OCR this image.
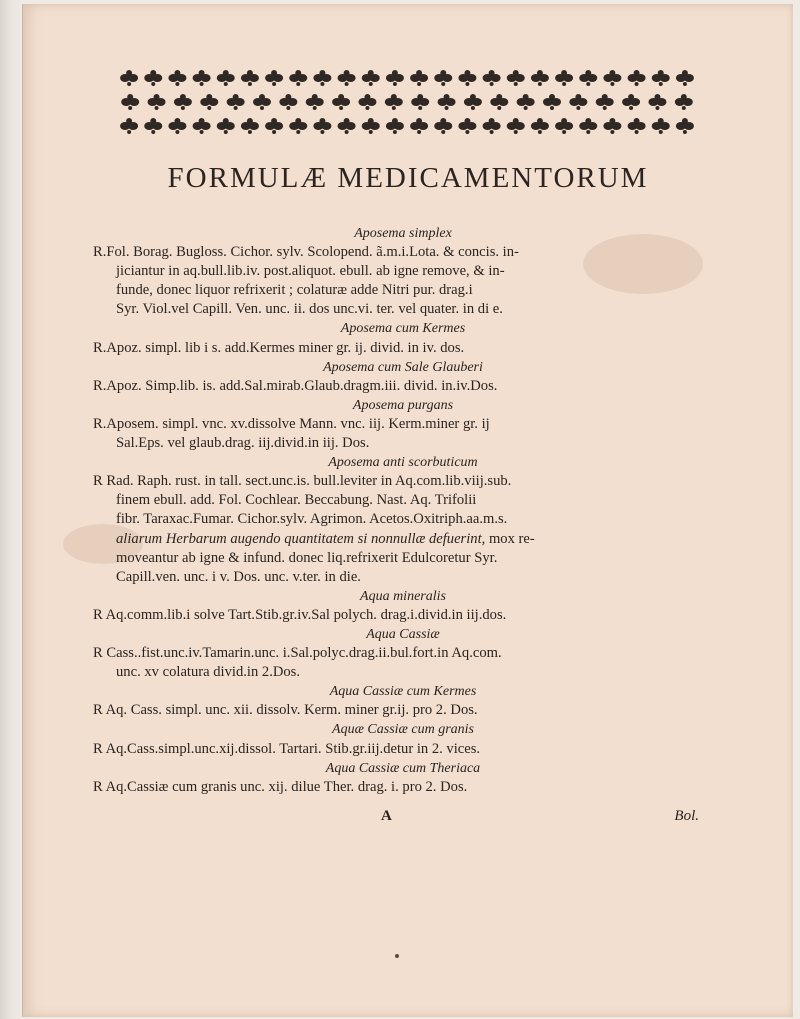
FORMULÆ MEDICAMENTORUM
Aposema simplex
R.Fol. Borag. Bugloss. Cichor. sylv. Scolopend. ã.m.i.Lota. & concis. in-
jiciantur in aq.bull.lib.iv. post.aliquot. ebull. ab igne remove, & in-
funde, donec liquor refrixerit ; colaturæ adde Nitri pur. drag.i
Syr. Viol.vel Capill. Ven. unc. ii. dos unc.vi. ter. vel quater. in di e.
Aposema cum Kermes
R.Apoz. simpl. lib i s. add.Kermes miner gr. ij. divid. in iv. dos.
Aposema cum Sale Glauberi
R.Apoz. Simp.lib. is. add.Sal.mirab.Glaub.dragm.iii. divid. in.iv.Dos.
Aposema purgans
R.Aposem. simpl. vnc. xv.dissolve Mann. vnc. iij. Kerm.miner gr. ij
Sal.Eps. vel glaub.drag. iij.divid.in iij. Dos.
Aposema anti scorbuticum
R Rad. Raph. rust. in tall. sect.unc.is. bull.leviter in Aq.com.lib.viij.sub.
finem ebull. add. Fol. Cochlear. Beccabung. Nast. Aq. Trifolii
fibr. Taraxac.Fumar. Cichor.sylv. Agrimon. Acetos.Oxitriph.aa.m.s.
aliarum Herbarum augendo quantitatem si nonnullæ defuerint, mox re-
moveantur ab igne & infund. donec liq.refrixerit Edulcoretur Syr.
Capill.ven. unc. i v. Dos. unc. v.ter. in die.
Aqua mineralis
R Aq.comm.lib.i solve Tart.Stib.gr.iv.Sal polych. drag.i.divid.in iij.dos.
Aqua Cassiæ
R Cass..fist.unc.iv.Tamarin.unc. i.Sal.polyc.drag.ii.bul.fort.in Aq.com.
unc. xv colatura divid.in 2.Dos.
Aqua Cassiæ cum Kermes
R Aq. Cass. simpl. unc. xii. dissolv. Kerm. miner gr.ij. pro 2. Dos.
Aquæ Cassiæ cum granis
R Aq.Cass.simpl.unc.xij.dissol. Tartari. Stib.gr.iij.detur in 2. vices.
Aqua Cassiæ cum Theriaca
R Aq.Cassiæ cum granis unc. xij. dilue Ther. drag. i. pro 2. Dos.
A	Bol.
